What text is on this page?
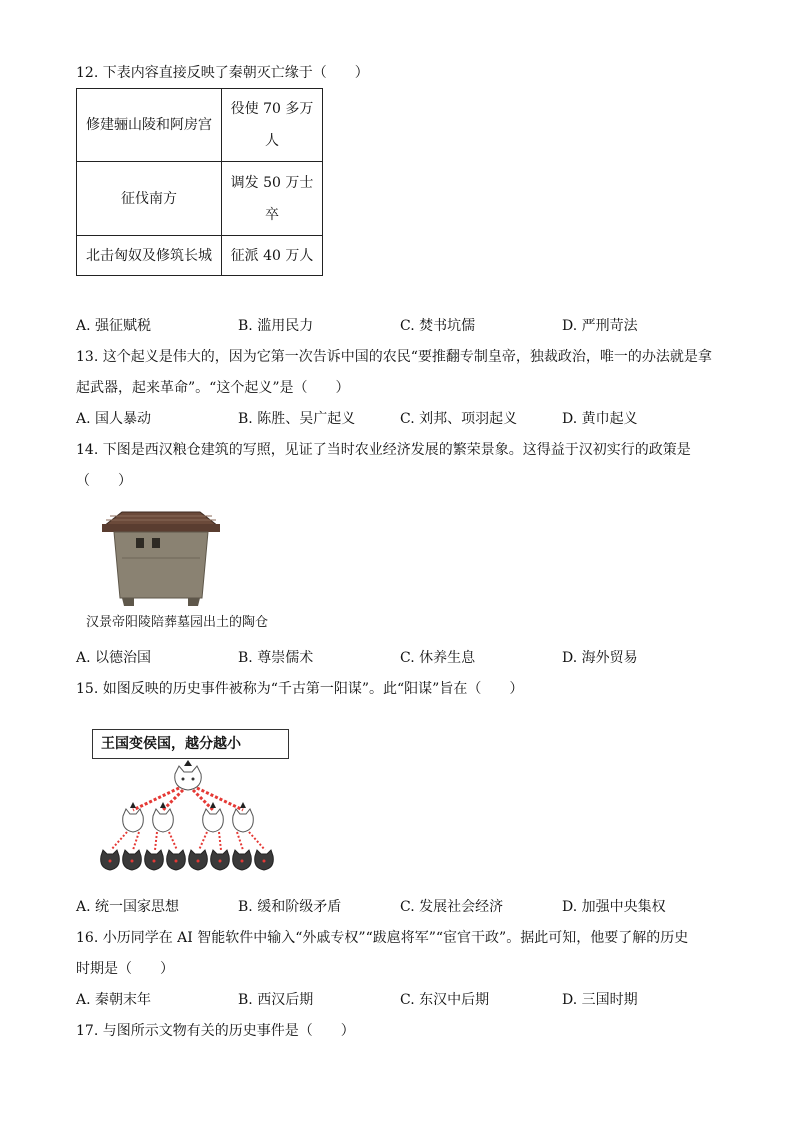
12. 下表内容直接反映了秦朝灭亡缘于（　　）
修建骊山陵和阿房宫	役使 70 多万
人

征伐南方	调发 50 万士
卒

北击匈奴及修筑长城	征派 40 万人
A. 强征赋税	B. 滥用民力	C. 焚书坑儒	D. 严刑苛法
13. 这个起义是伟大的，因为它第一次告诉中国的农民“要推翻专制皇帝，独裁政治，唯一的办法就是拿
起武器，起来革命”。“这个起义”是（　　）
A. 国人暴动	B. 陈胜、吴广起义	C. 刘邦、项羽起义	D. 黄巾起义
14. 下图是西汉粮仓建筑的写照，见证了当时农业经济发展的繁荣景象。这得益于汉初实行的政策是
（　　）
汉景帝阳陵陪葬墓园出土的陶仓
A. 以德治国	B. 尊崇儒术	C. 休养生息	D. 海外贸易
15. 如图反映的历史事件被称为“千古第一阳谋”。此“阳谋”旨在（　　）
王国变侯国，越分越小
A. 统一国家思想	B. 缓和阶级矛盾	C. 发展社会经济	D. 加强中央集权
16. 小历同学在 AI 智能软件中输入“外戚专权”“跋扈将军”“宦官干政”。据此可知，他要了解的历史
时期是（　　）
A. 秦朝末年	B. 西汉后期	C. 东汉中后期	D. 三国时期
17. 与图所示文物有关的历史事件是（　　）
